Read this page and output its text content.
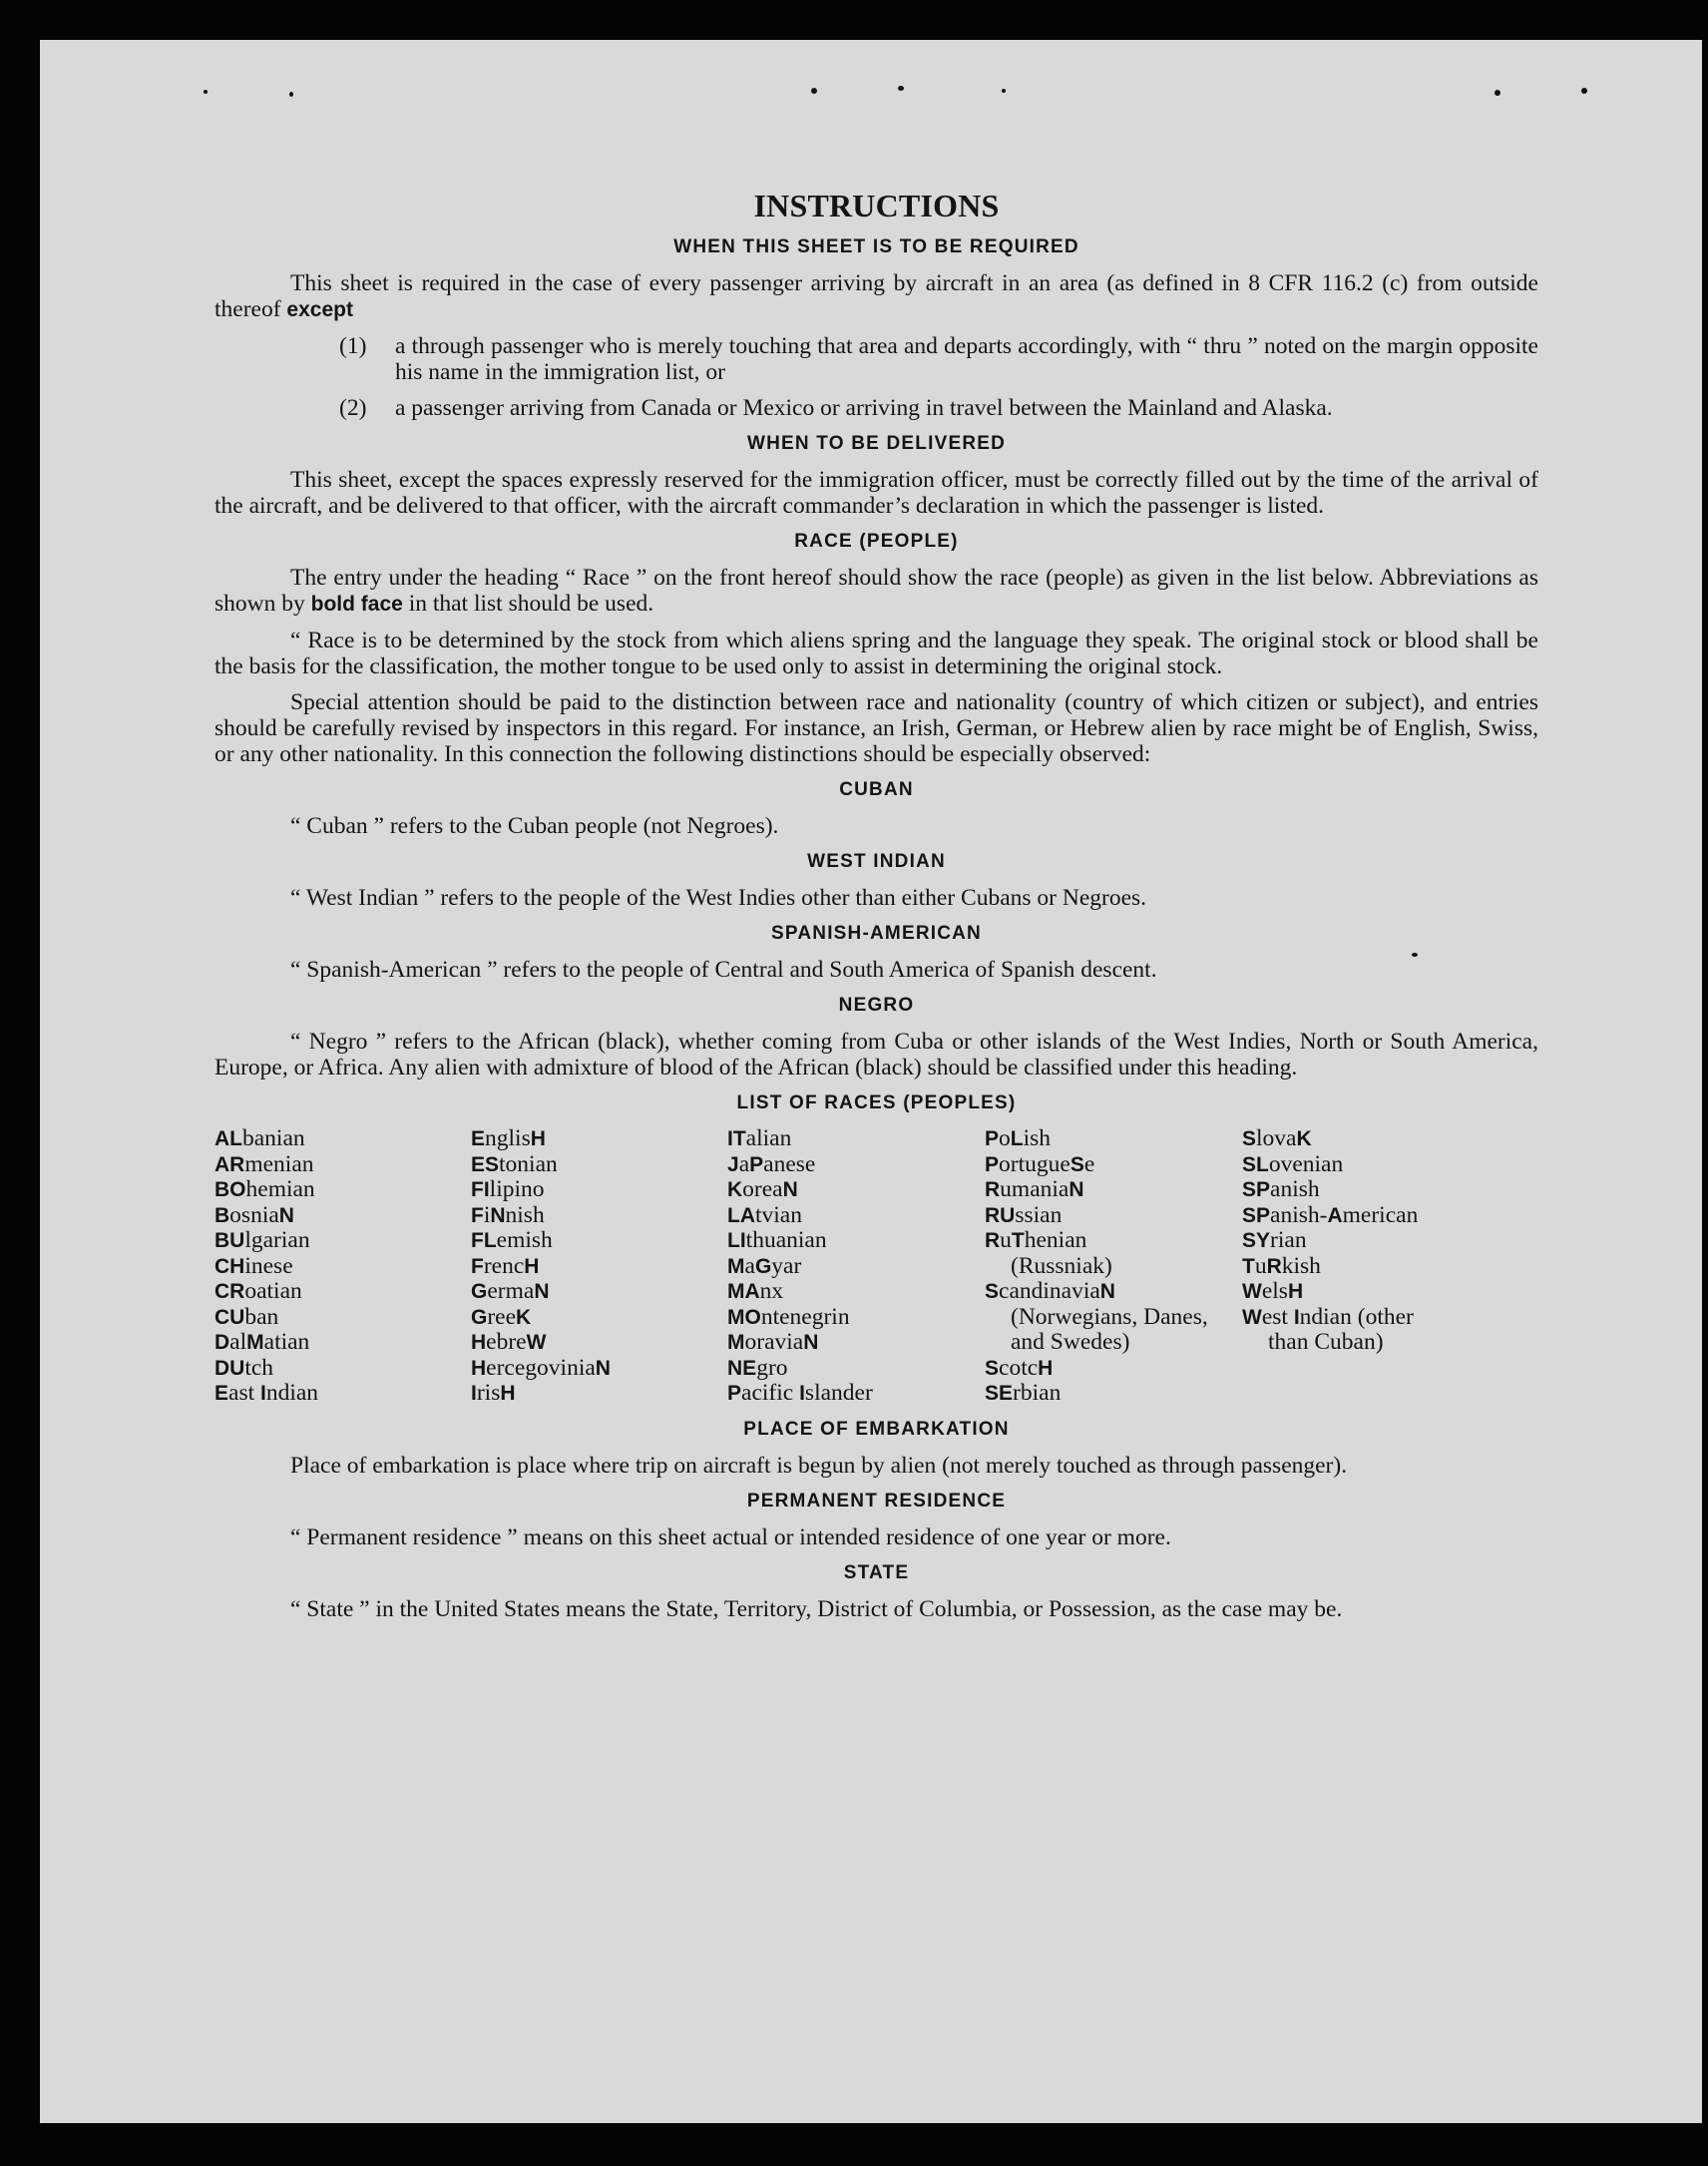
INSTRUCTIONS
WHEN THIS SHEET IS TO BE REQUIRED

This sheet is required in the case of every passenger arriving by aircraft in an area (as defined in 8 CFR 116.2 (c) from outside thereof except

(1)	a through passenger who is merely touching that area and departs accordingly, with “ thru ” noted on the margin opposite his name in the immigration list, or
(2)	a passenger arriving from Canada or Mexico or arriving in travel between the Mainland and Alaska.
WHEN TO BE DELIVERED

This sheet, except the spaces expressly reserved for the immigration officer, must be correctly filled out by the time of the arrival of the aircraft, and be delivered to that officer, with the aircraft commander’s declaration in which the passenger is listed.

RACE (PEOPLE)

The entry under the heading “ Race ” on the front hereof should show the race (people) as given in the list below. Abbreviations as shown by bold face in that list should be used.

“ Race is to be determined by the stock from which aliens spring and the language they speak. The original stock or blood shall be the basis for the classification, the mother tongue to be used only to assist in determining the original stock.

Special attention should be paid to the distinction between race and nationality (country of which citizen or subject), and entries should be carefully revised by inspectors in this regard. For instance, an Irish, German, or Hebrew alien by race might be of English, Swiss, or any other nationality. In this connection the following distinctions should be especially observed:

CUBAN

“ Cuban ” refers to the Cuban people (not Negroes).

WEST INDIAN

“ West Indian ” refers to the people of the West Indies other than either Cubans or Negroes.

SPANISH-AMERICAN

“ Spanish-American ” refers to the people of Central and South America of Spanish descent.

NEGRO

“ Negro ” refers to the African (black), whether coming from Cuba or other islands of the West Indies, North or South America, Europe, or Africa. Any alien with admixture of blood of the African (black) should be classified under this heading.

LIST OF RACES (PEOPLES)
ALbanian
ARmenian
BOhemian
BosniaN
BUlgarian
CHinese
CRoatian
CUban
DalMatian
DUtch
East Indian
EnglisH
EStonian
FIlipino
FiNnish
FLemish
FrencH
GermaN
GreeK
HebreW
HercegoviniaN
IrisH
ITalian
JaPanese
KoreaN
LAtvian
LIthuanian
MaGyar
MAnx
MOntenegrin
MoraviaN
NEgro
Pacific Islander
PoLish
PortugueSe
RumaniaN
RUssian
RuThenian
(Russniak)
ScandinaviaN
(Norwegians, Danes, and Swedes)
ScotcH
SErbian
SlovaK
SLovenian
SPanish
SPanish-American
SYrian
TuRkish
WelsH
West Indian (other
than Cuban)
PLACE OF EMBARKATION

Place of embarkation is place where trip on aircraft is begun by alien (not merely touched as through passenger).

PERMANENT RESIDENCE

“ Permanent residence ” means on this sheet actual or intended residence of one year or more.

STATE

“ State ” in the United States means the State, Territory, District of Columbia, or Possession, as the case may be.
